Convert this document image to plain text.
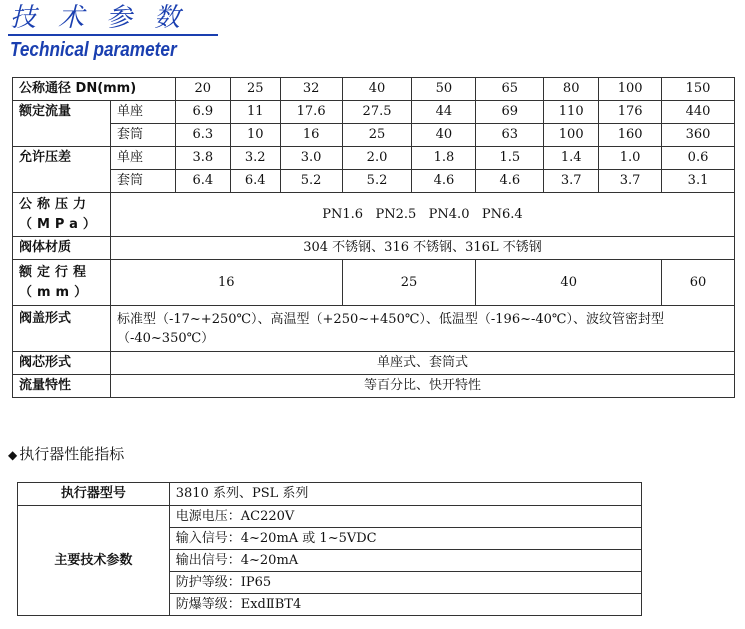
技术参数
Technical parameter
公称通径 DN(mm)		20	25	32	40	50	65	80	100	150
额定流量	单座	6.9	11	17.6	27.5	44	69	110	176	440
	套筒	6.3	10	16	25	40	63	100	160	360
允许压差	单座	3.8	3.2	3.0	2.0	1.8	1.5	1.4	1.0	0.6
	套筒	6.4	6.4	5.2	5.2	4.6	4.6	3.7	3.7	3.1

公称压力
（MPa）	PN1.6   PN2.5   PN4.0   PN6.4									
阀体材质	304 不锈钢、316 不锈钢、316L 不锈钢									

额定行程
（mm）	16				25		40			60
阀盖形式	标准型（-17~+250℃）、高温型（+250~+450℃）、低温型（-196~-40℃）、波纹管密封型（-40~350℃）									
阀芯形式	单座式、套筒式									
流量特性	等百分比、快开特性									
◆ 执行器性能指标
执行器型号	3810 系列、PSL 系列
主要技术参数	电源电压：AC220V
	输入信号：4~20mA 或 1~5VDC
	输出信号：4~20mA
	防护等级：IP65
	防爆等级：ExdⅡBT4
